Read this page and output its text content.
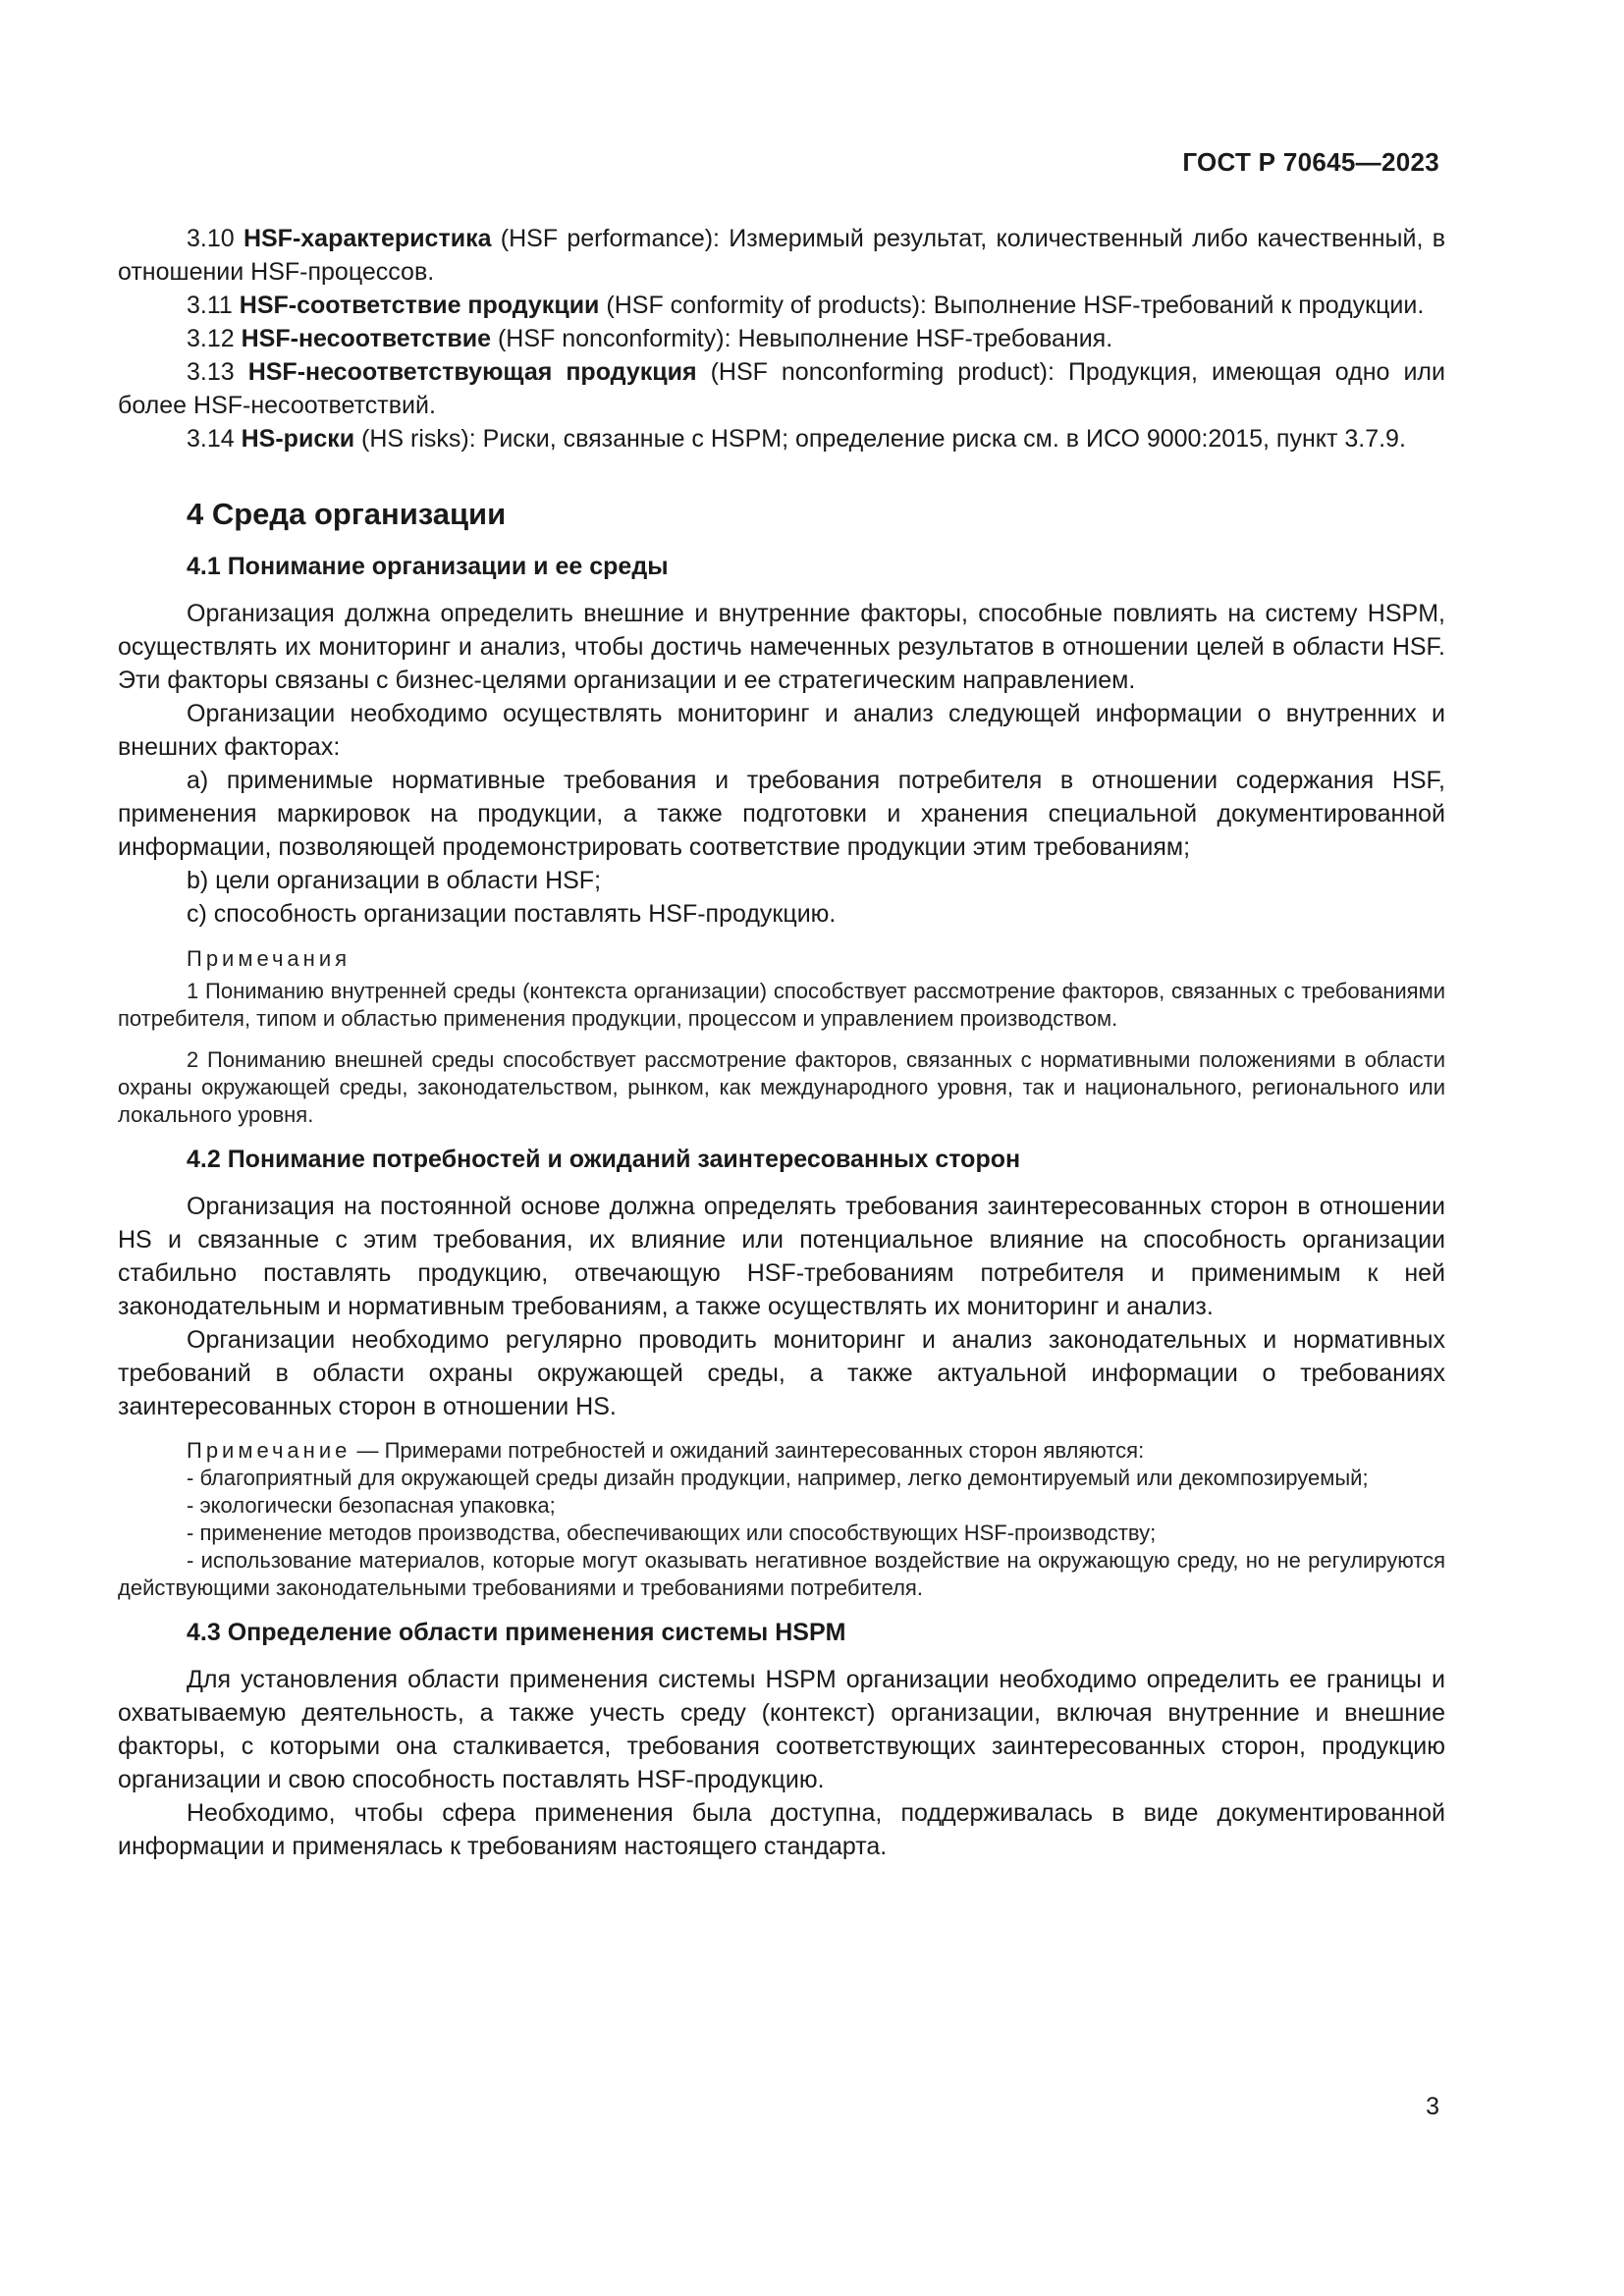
ГОСТ Р 70645—2023

3.10 HSF-характеристика (HSF performance): Измеримый результат, количественный либо качественный, в отношении HSF-процессов.

3.11 HSF-соответствие продукции (HSF conformity of products): Выполнение HSF-требований к продукции.

3.12 HSF-несоответствие (HSF nonconformity): Невыполнение HSF-требования.

3.13 HSF-несоответствующая продукция (HSF nonconforming product): Продукция, имеющая одно или более HSF-несоответствий.

3.14 HS-риски (HS risks): Риски, связанные с HSPM; определение риска см. в ИСО 9000:2015, пункт 3.7.9.

4 Среда организации

4.1 Понимание организации и ее среды

Организация должна определить внешние и внутренние факторы, способные повлиять на систему HSPM, осуществлять их мониторинг и анализ, чтобы достичь намеченных результатов в отношении целей в области HSF. Эти факторы связаны с бизнес-целями организации и ее стратегическим направлением.

Организации необходимо осуществлять мониторинг и анализ следующей информации о внутренних и внешних факторах:

а) применимые нормативные требования и требования потребителя в отношении содержания HSF, применения маркировок на продукции, а также подготовки и хранения специальной документированной информации, позволяющей продемонстрировать соответствие продукции этим требованиям;

b) цели организации в области HSF;

c) способность организации поставлять HSF-продукцию.

Примечания

1 Пониманию внутренней среды (контекста организации) способствует рассмотрение факторов, связанных с требованиями потребителя, типом и областью применения продукции, процессом и управлением производством.

2 Пониманию внешней среды способствует рассмотрение факторов, связанных с нормативными положениями в области охраны окружающей среды, законодательством, рынком, как международного уровня, так и национального, регионального или локального уровня.

4.2 Понимание потребностей и ожиданий заинтересованных сторон

Организация на постоянной основе должна определять требования заинтересованных сторон в отношении HS и связанные с этим требования, их влияние или потенциальное влияние на способность организации стабильно поставлять продукцию, отвечающую HSF-требованиям потребителя и применимым к ней законодательным и нормативным требованиям, а также осуществлять их мониторинг и анализ.

Организации необходимо регулярно проводить мониторинг и анализ законодательных и нормативных требований в области охраны окружающей среды, а также актуальной информации о требованиях заинтересованных сторон в отношении HS.

Примечание — Примерами потребностей и ожиданий заинтересованных сторон являются:

- благоприятный для окружающей среды дизайн продукции, например, легко демонтируемый или декомпозируемый;

- экологически безопасная упаковка;

- применение методов производства, обеспечивающих или способствующих HSF-производству;

- использование материалов, которые могут оказывать негативное воздействие на окружающую среду, но не регулируются действующими законодательными требованиями и требованиями потребителя.

4.3 Определение области применения системы HSPM

Для установления области применения системы HSPM организации необходимо определить ее границы и охватываемую деятельность, а также учесть среду (контекст) организации, включая внутренние и внешние факторы, с которыми она сталкивается, требования соответствующих заинтересованных сторон, продукцию организации и свою способность поставлять HSF-продукцию.

Необходимо, чтобы сфера применения была доступна, поддерживалась в виде документированной информации и применялась к требованиям настоящего стандарта.

3
